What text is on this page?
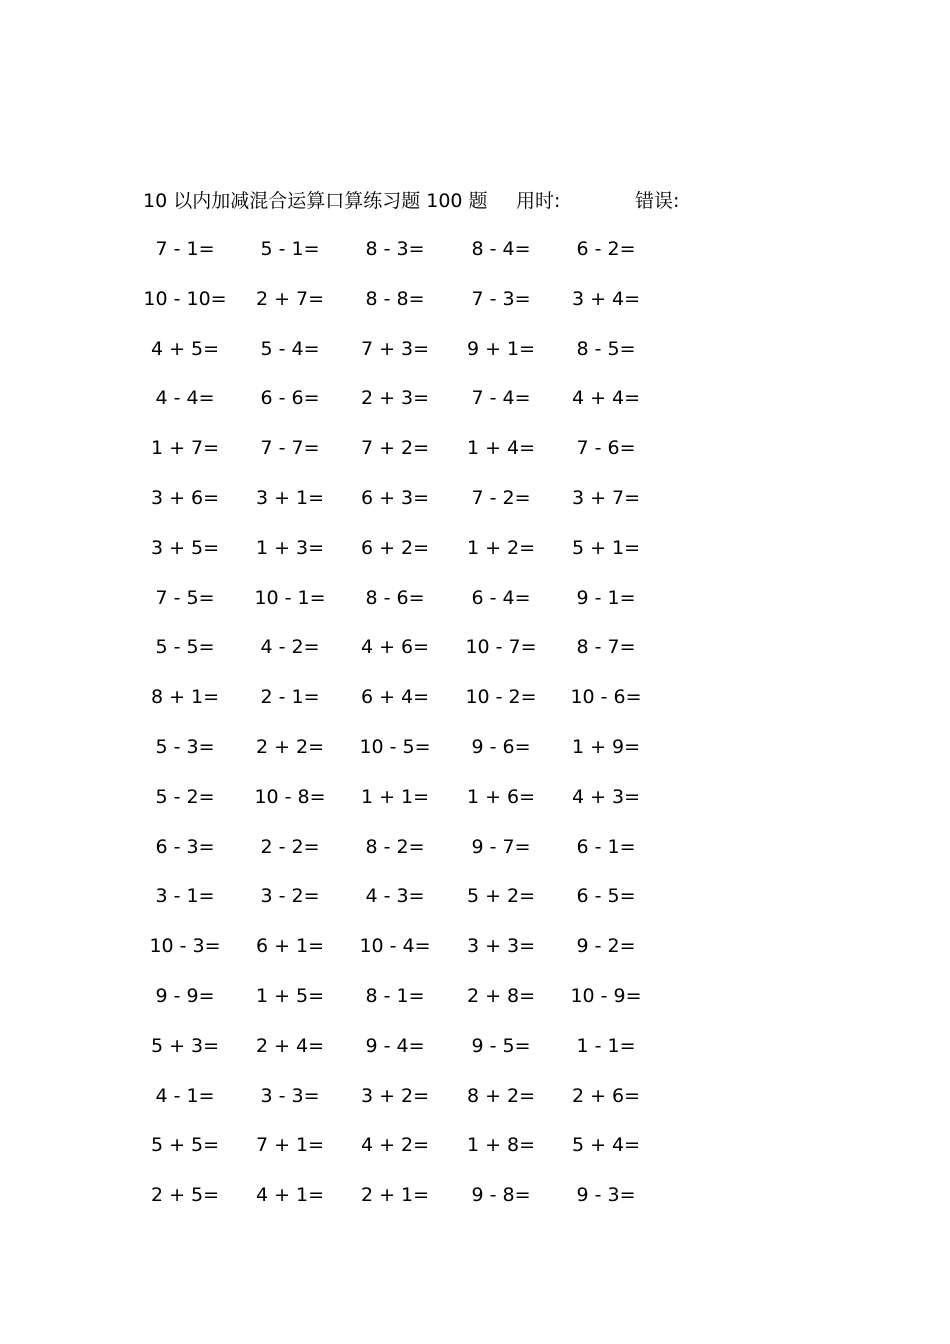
10 以内加减混合运算口算练习题 100 题 用时:	错误:
7 - 1=	5 - 1=	8 - 3=	8 - 4=	6 - 2=
10 - 10=	2 + 7=	8 - 8=	7 - 3=	3 + 4=
4 + 5=	5 - 4=	7 + 3=	9 + 1=	8 - 5=
4 - 4=	6 - 6=	2 + 3=	7 - 4=	4 + 4=
1 + 7=	7 - 7=	7 + 2=	1 + 4=	7 - 6=
3 + 6=	3 + 1=	6 + 3=	7 - 2=	3 + 7=
3 + 5=	1 + 3=	6 + 2=	1 + 2=	5 + 1=
7 - 5=	10 - 1=	8 - 6=	6 - 4=	9 - 1=
5 - 5=	4 - 2=	4 + 6=	10 - 7=	8 - 7=
8 + 1=	2 - 1=	6 + 4=	10 - 2=	10 - 6=
5 - 3=	2 + 2=	10 - 5=	9 - 6=	1 + 9=
5 - 2=	10 - 8=	1 + 1=	1 + 6=	4 + 3=
6 - 3=	2 - 2=	8 - 2=	9 - 7=	6 - 1=
3 - 1=	3 - 2=	4 - 3=	5 + 2=	6 - 5=
10 - 3=	6 + 1=	10 - 4=	3 + 3=	9 - 2=
9 - 9=	1 + 5=	8 - 1=	2 + 8=	10 - 9=
5 + 3=	2 + 4=	9 - 4=	9 - 5=	1 - 1=
4 - 1=	3 - 3=	3 + 2=	8 + 2=	2 + 6=
5 + 5=	7 + 1=	4 + 2=	1 + 8=	5 + 4=
2 + 5=	4 + 1=	2 + 1=	9 - 8=	9 - 3=
